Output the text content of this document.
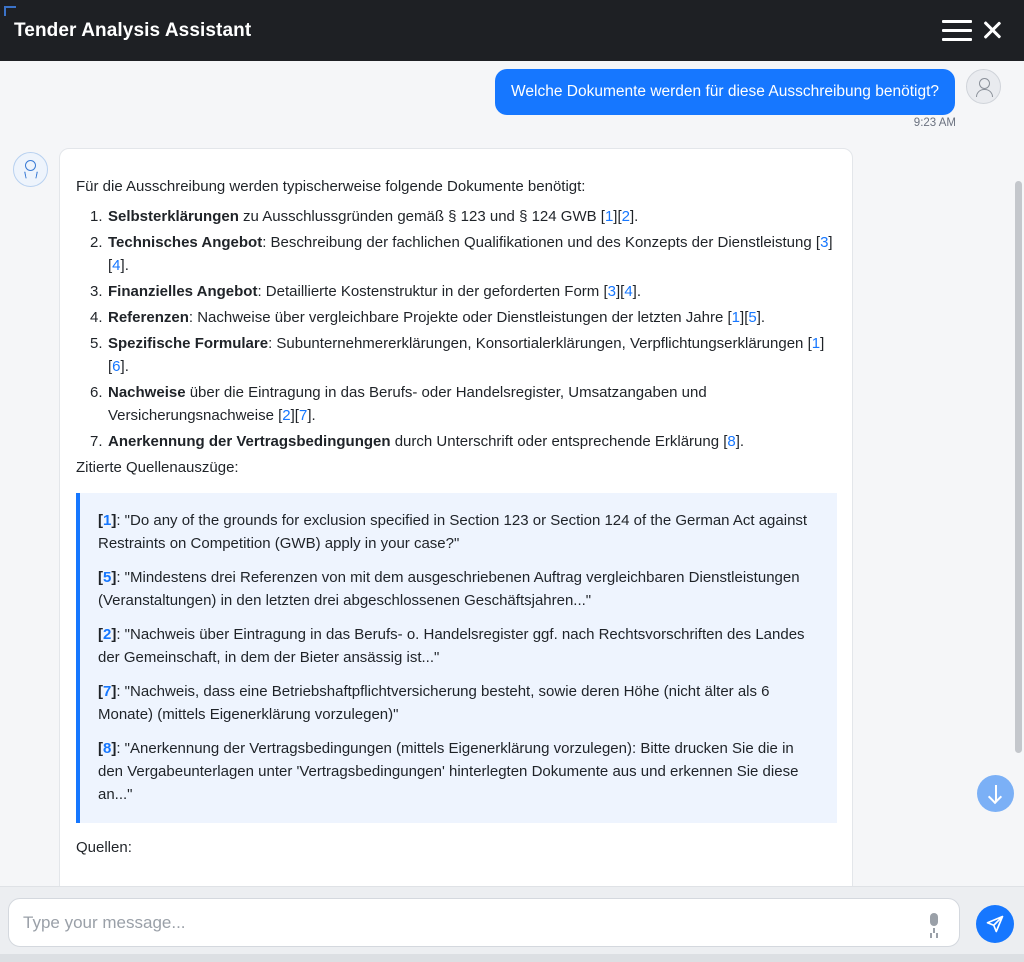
Tender Analysis Assistant
Welche Dokumente werden für diese Ausschreibung benötigt?
9:23 AM

Für die Ausschreibung werden typischerweise folgende Dokumente benötigt:

1. Selbsterklärungen zu Ausschlussgründen gemäß § 123 und § 124 GWB [1][2].
2. Technisches Angebot: Beschreibung der fachlichen Qualifikationen und des Konzepts der Dienstleistung [3][4].
3. Finanzielles Angebot: Detaillierte Kostenstruktur in der geforderten Form [3][4].
4. Referenzen: Nachweise über vergleichbare Projekte oder Dienstleistungen der letzten Jahre [1][5].
5. Spezifische Formulare: Subunternehmererklärungen, Konsortialerklärungen, Verpflichtungserklärungen [1][6].
6. Nachweise über die Eintragung in das Berufs- oder Handelsregister, Umsatzangaben und Versicherungsnachweise [2][7].
7. Anerkennung der Vertragsbedingungen durch Unterschrift oder entsprechende Erklärung [8].

Zitierte Quellenauszüge:

[1]: "Do any of the grounds for exclusion specified in Section 123 or Section 124 of the German Act against Restraints on Competition (GWB) apply in your case?"

[5]: "Mindestens drei Referenzen von mit dem ausgeschriebenen Auftrag vergleichbaren Dienstleistungen (Veranstaltungen) in den letzten drei abgeschlossenen Geschäftsjahren..."

[2]: "Nachweis über Eintragung in das Berufs- o. Handelsregister ggf. nach Rechtsvorschriften des Landes der Gemeinschaft, in dem der Bieter ansässig ist..."

[7]: "Nachweis, dass eine Betriebshaftpflichtversicherung besteht, sowie deren Höhe (nicht älter als 6 Monate) (mittels Eigenerklärung vorzulegen)"

[8]: "Anerkennung der Vertragsbedingungen (mittels Eigenerklärung vorzulegen): Bitte drucken Sie die in den Vergabeunterlagen unter 'Vertragsbedingungen' hinterlegten Dokumente aus und erkennen Sie diese an..."

Quellen:

Type your message...
